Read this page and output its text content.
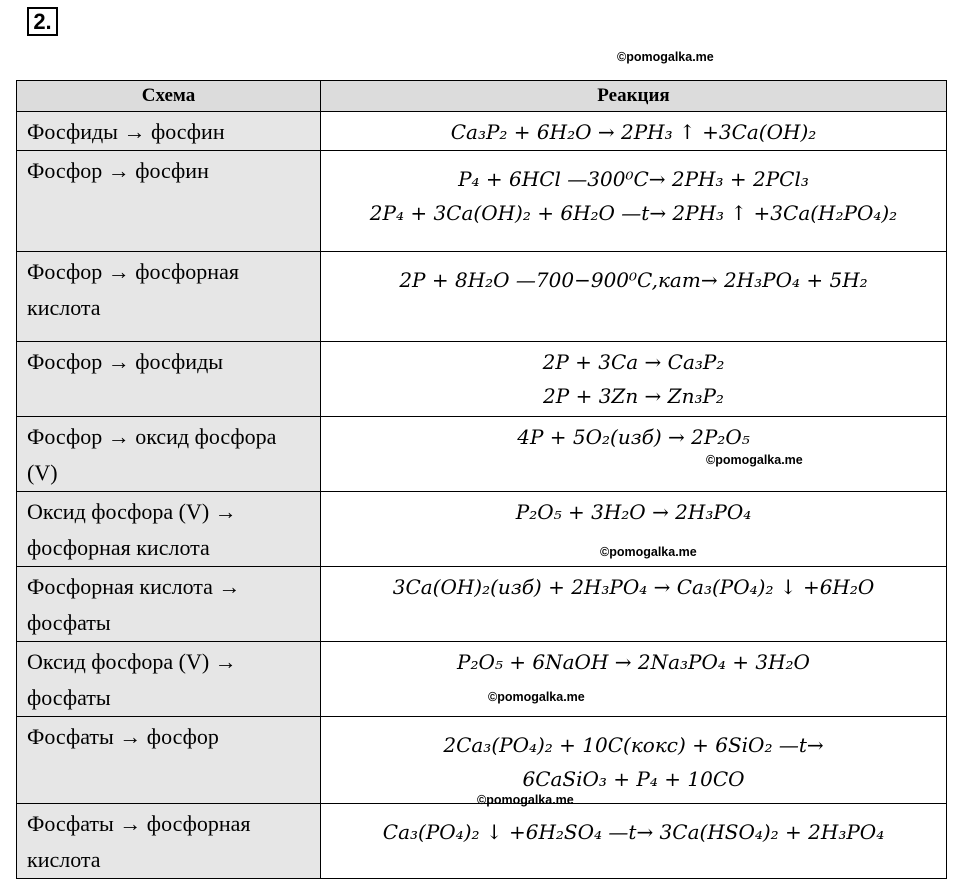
2.
©pomogalka.me
©pomogalka.me
©pomogalka.me
©pomogalka.me
©pomogalka.me
Схема	Реакция
Фосфиды → фосфин	Ca₃P₂ + 6H₂O → 2PH₃ ↑ +3Ca(OH)₂

Фосфор → фосфин	P₄ + 6HCl —300⁰C→ 2PH₃ + 2PCl₃
2P₄ + 3Ca(OH)₂ + 6H₂O —t→ 2PH₃ ↑ +3Ca(H₂PO₄)₂

Фосфор → фосфорная кислота	2P + 8H₂O —700−900⁰C,кат→ 2H₃PO₄ + 5H₂

Фосфор → фосфиды	2P + 3Ca → Ca₃P₂
2P + 3Zn → Zn₃P₂

Фосфор → оксид фосфора (V)	4P + 5O₂(изб) → 2P₂O₅

Оксид фосфора (V) → фосфорная кислота	P₂O₅ + 3H₂O → 2H₃PO₄

Фосфорная кислота → фосфаты	3Ca(OH)₂(изб) + 2H₃PO₄ → Ca₃(PO₄)₂ ↓ +6H₂O

Оксид фосфора (V) → фосфаты	P₂O₅ + 6NaOH → 2Na₃PO₄ + 3H₂O

Фосфаты → фосфор	2Ca₃(PO₄)₂ + 10C(кокс) + 6SiO₂ —t→
6CaSiO₃ + P₄ + 10CO

Фосфаты → фосфорная кислота	Ca₃(PO₄)₂ ↓ +6H₂SO₄ —t→ 3Ca(HSO₄)₂ + 2H₃PO₄
